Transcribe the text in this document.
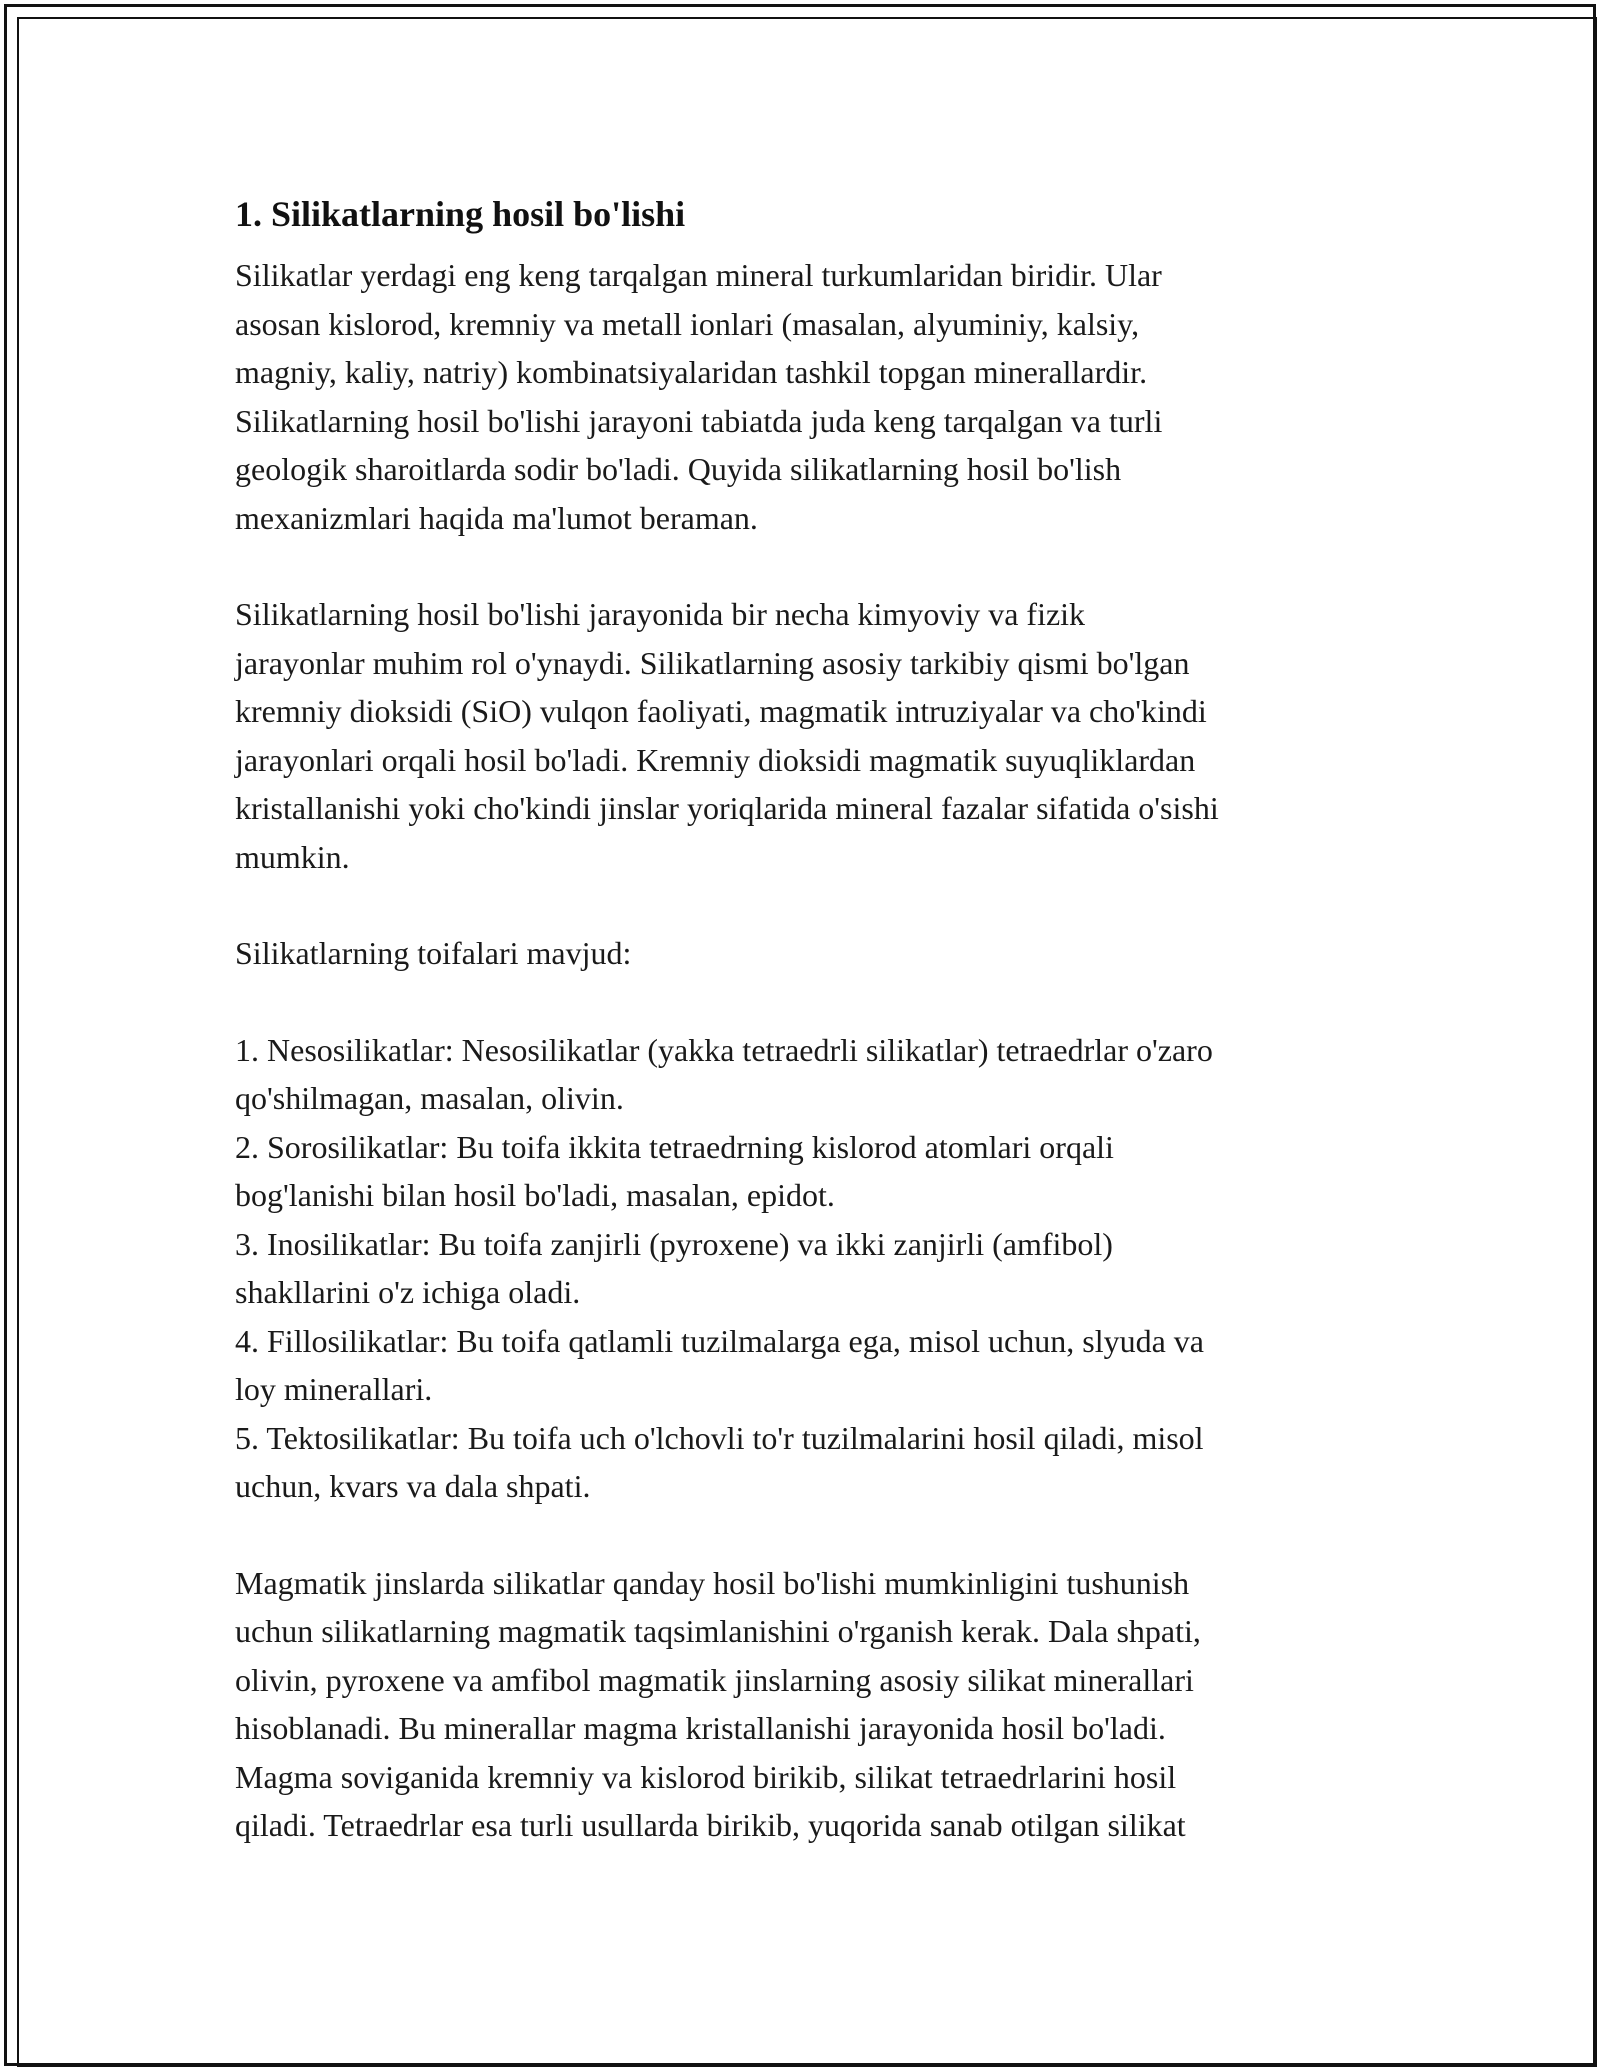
1. Silikatlarning hosil bo'lishi

Silikatlar yerdagi eng keng tarqalgan mineral turkumlaridan biridir. Ular
asosan kislorod, kremniy va metall ionlari (masalan, alyuminiy, kalsiy,
magniy, kaliy, natriy) kombinatsiyalaridan tashkil topgan minerallardir.
Silikatlarning hosil bo'lishi jarayoni tabiatda juda keng tarqalgan va turli
geologik sharoitlarda sodir bo'ladi. Quyida silikatlarning hosil bo'lish
mexanizmlari haqida ma'lumot beraman.

Silikatlarning hosil bo'lishi jarayonida bir necha kimyoviy va fizik
jarayonlar muhim rol o'ynaydi. Silikatlarning asosiy tarkibiy qismi bo'lgan
kremniy dioksidi (SiO) vulqon faoliyati, magmatik intruziyalar va cho'kindi
jarayonlari orqali hosil bo'ladi. Kremniy dioksidi magmatik suyuqliklardan
kristallanishi yoki cho'kindi jinslar yoriqlarida mineral fazalar sifatida o'sishi
mumkin.

Silikatlarning toifalari mavjud:

1. Nesosilikatlar: Nesosilikatlar (yakka tetraedrli silikatlar) tetraedrlar o'zaro
qo'shilmagan, masalan, olivin.
2. Sorosilikatlar: Bu toifa ikkita tetraedrning kislorod atomlari orqali
bog'lanishi bilan hosil bo'ladi, masalan, epidot.
3. Inosilikatlar: Bu toifa zanjirli (pyroxene) va ikki zanjirli (amfibol)
shakllarini o'z ichiga oladi.
4. Fillosilikatlar: Bu toifa qatlamli tuzilmalarga ega, misol uchun, slyuda va
loy minerallari.
5. Tektosilikatlar: Bu toifa uch o'lchovli to'r tuzilmalarini hosil qiladi, misol
uchun, kvars va dala shpati.

Magmatik jinslarda silikatlar qanday hosil bo'lishi mumkinligini tushunish
uchun silikatlarning magmatik taqsimlanishini o'rganish kerak. Dala shpati,
olivin, pyroxene va amfibol magmatik jinslarning asosiy silikat minerallari
hisoblanadi. Bu minerallar magma kristallanishi jarayonida hosil bo'ladi.
Magma soviganida kremniy va kislorod birikib, silikat tetraedrlarini hosil
qiladi. Tetraedrlar esa turli usullarda birikib, yuqorida sanab otilgan silikat
